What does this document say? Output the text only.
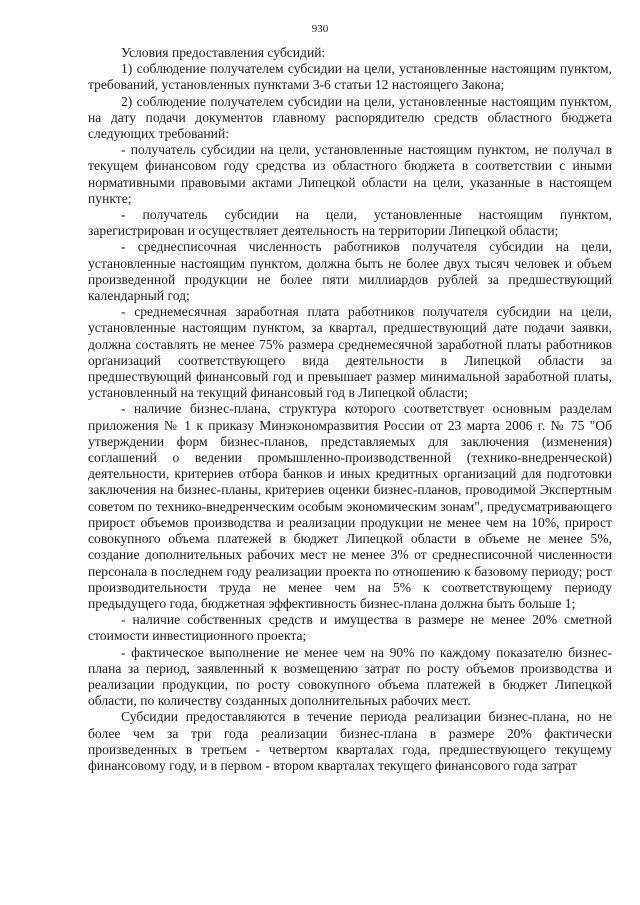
930

Условия предоставления субсидий:

1) соблюдение получателем субсидии на цели, установленные настоящим пунктом, требований, установленных пунктами 3-6 статьи 12 настоящего Закона;

2) соблюдение получателем субсидии на цели, установленные настоящим пунктом, на дату подачи документов главному распорядителю средств областного бюджета следующих требований:

- получатель субсидии на цели, установленные настоящим пунктом, не получал в текущем финансовом году средства из областного бюджета в соответствии с иными нормативными правовыми актами Липецкой области на цели, указанные в настоящем пункте;

- получатель субсидии на цели, установленные настоящим пунктом, зарегистрирован и осуществляет деятельность на территории Липецкой области;

- среднесписочная численность работников получателя субсидии на цели, установленные настоящим пунктом, должна быть не более двух тысяч человек и объем произведенной продукции не более пяти миллиардов рублей за предшествующий календарный год;

- среднемесячная заработная плата работников получателя субсидии на цели, установленные настоящим пунктом, за квартал, предшествующий дате подачи заявки, должна составлять не менее 75% размера среднемесячной заработной платы работников организаций соответствующего вида деятельности в Липецкой области за предшествующий финансовый год и превышает размер минимальной заработной платы, установленный на текущий финансовый год в Липецкой области;

- наличие бизнес-плана, структура которого соответствует основным разделам приложения № 1 к приказу Минэкономразвития России от 23 марта 2006 г. № 75 "Об утверждении форм бизнес-планов, представляемых для заключения (изменения) соглашений о ведении промышленно-производственной (технико-внедренческой) деятельности, критериев отбора банков и иных кредитных организаций для подготовки заключения на бизнес-планы, критериев оценки бизнес-планов, проводимой Экспертным советом по технико-внедренческим особым экономическим зонам", предусматривающего прирост объемов производства и реализации продукции не менее чем на 10%, прирост совокупного объема платежей в бюджет Липецкой области в объеме не менее 5%, создание дополнительных рабочих мест не менее 3% от среднесписочной численности персонала в последнем году реализации проекта по отношению к базовому периоду; рост производительности труда не менее чем на 5% к соответствующему периоду предыдущего года, бюджетная эффективность бизнес-плана должна быть больше 1;

- наличие собственных средств и имущества в размере не менее 20% сметной стоимости инвестиционного проекта;

- фактическое выполнение не менее чем на 90% по каждому показателю бизнес-плана за период, заявленный к возмещению затрат по росту объемов производства и реализации продукции, по росту совокупного объема платежей в бюджет Липецкой области, по количеству созданных дополнительных рабочих мест.

Субсидии предоставляются в течение периода реализации бизнес-плана, но не более чем за три года реализации бизнес-плана в размере 20% фактически произведенных в третьем - четвертом кварталах года, предшествующего текущему финансовому году, и в первом - втором кварталах текущего финансового года затрат
